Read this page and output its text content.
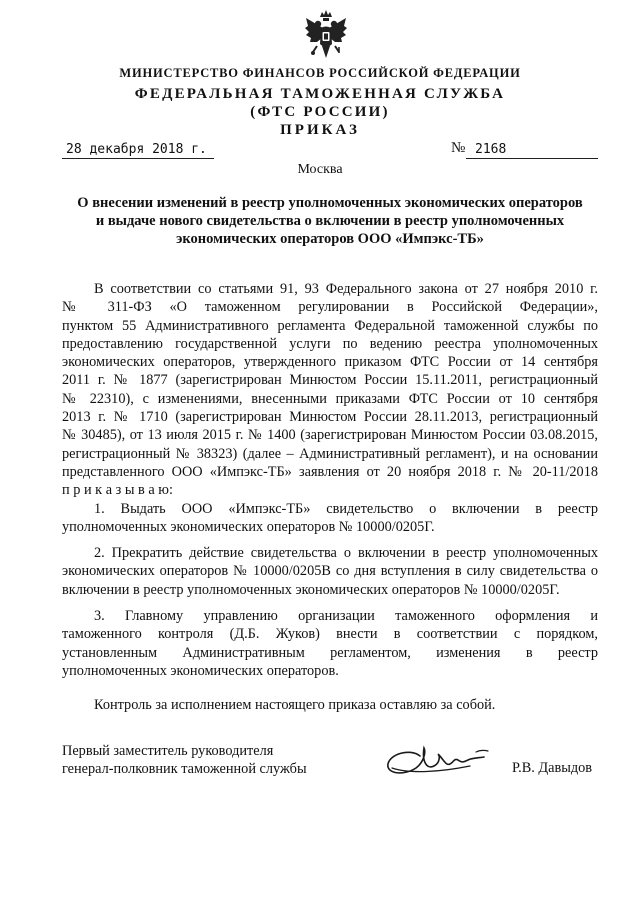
МИНИСТЕРСТВО ФИНАНСОВ РОССИЙСКОЙ ФЕДЕРАЦИИ
ФЕДЕРАЛЬНАЯ ТАМОЖЕННАЯ СЛУЖБА
(ФТС РОССИИ)
ПРИКАЗ
28 декабря 2018 г.	№ 2168
Москва
О внесении изменений в реестр уполномоченных экономических операторов
и выдаче нового свидетельства о включении в реестр уполномоченных
экономических операторов ООО «Импэкс-ТБ»
В соответствии со статьями 91, 93 Федерального закона от 27 ноября 2010 г.
№ 311-ФЗ «О таможенном регулировании в Российской Федерации»,
пунктом 55 Административного регламента Федеральной таможенной службы по
предоставлению государственной услуги по ведению реестра уполномоченных
экономических операторов, утвержденного приказом ФТС России от 14 сентября
2011 г. № 1877 (зарегистрирован Минюстом России 15.11.2011, регистрационный
№ 22310), с изменениями, внесенными приказами ФТС России от 10 сентября
2013 г. № 1710 (зарегистрирован Минюстом России 28.11.2013, регистрационный
№ 30485), от 13 июля 2015 г. № 1400 (зарегистрирован Минюстом России 03.08.2015,
регистрационный № 38323) (далее – Административный регламент), и на основании
представленного ООО «Импэкс-ТБ» заявления от 20 ноября 2018 г. № 20-11/2018
п р и к а з ы в а ю:
1. Выдать ООО «Импэкс-ТБ» свидетельство о включении в реестр
уполномоченных экономических операторов № 10000/0205Г.
2. Прекратить действие свидетельства о включении в реестр уполномоченных
экономических операторов № 10000/0205В со дня вступления в силу свидетельства о
включении в реестр уполномоченных экономических операторов № 10000/0205Г.
3. Главному управлению организации таможенного оформления и
таможенного контроля (Д.Б. Жуков) внести в соответствии с порядком,
установленным Административным регламентом, изменения в реестр
уполномоченных экономических операторов.
Контроль за исполнением настоящего приказа оставляю за собой.
Первый заместитель руководителя
генерал-полковник таможенной службы	Р.В. Давыдов
